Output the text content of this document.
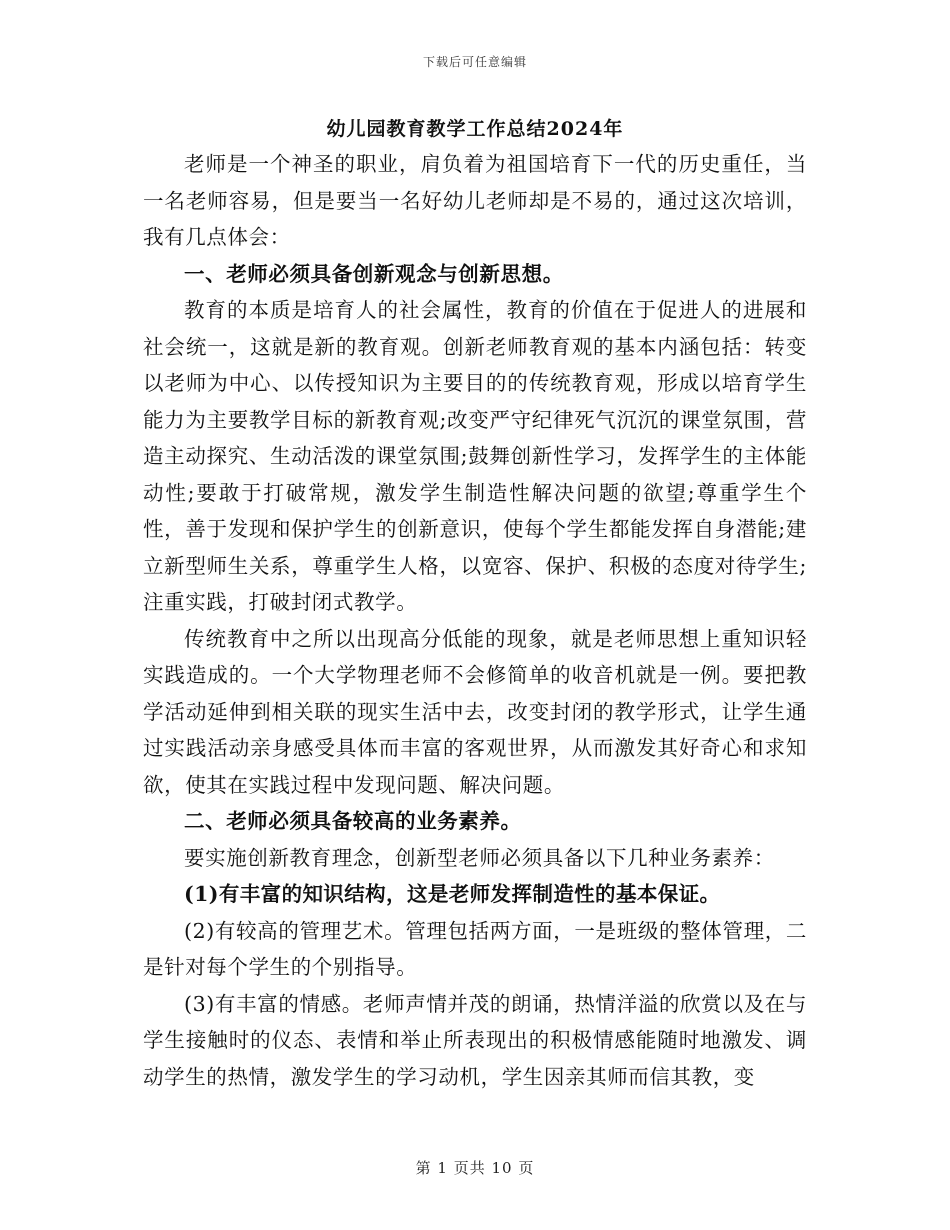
下载后可任意编辑
幼儿园教育教学工作总结2024年

老师是一个神圣的职业，肩负着为祖国培育下一代的历史重任，当一名老师容易，但是要当一名好幼儿老师却是不易的，通过这次培训，我有几点体会：

一、老师必须具备创新观念与创新思想。

教育的本质是培育人的社会属性，教育的价值在于促进人的进展和社会统一，这就是新的教育观。创新老师教育观的基本内涵包括：转变以老师为中心、以传授知识为主要目的的传统教育观，形成以培育学生能力为主要教学目标的新教育观;改变严守纪律死气沉沉的课堂氛围，营造主动探究、生动活泼的课堂氛围;鼓舞创新性学习，发挥学生的主体能动性;要敢于打破常规，激发学生制造性解决问题的欲望;尊重学生个性，善于发现和保护学生的创新意识，使每个学生都能发挥自身潜能;建立新型师生关系，尊重学生人格，以宽容、保护、积极的态度对待学生;注重实践，打破封闭式教学。

传统教育中之所以出现高分低能的现象，就是老师思想上重知识轻实践造成的。一个大学物理老师不会修简单的收音机就是一例。要把教学活动延伸到相关联的现实生活中去，改变封闭的教学形式，让学生通过实践活动亲身感受具体而丰富的客观世界，从而激发其好奇心和求知欲，使其在实践过程中发现问题、解决问题。

二、老师必须具备较高的业务素养。

要实施创新教育理念，创新型老师必须具备以下几种业务素养：

(1)有丰富的知识结构，这是老师发挥制造性的基本保证。

(2)有较高的管理艺术。管理包括两方面，一是班级的整体管理，二是针对每个学生的个别指导。

(3)有丰富的情感。老师声情并茂的朗诵，热情洋溢的欣赏以及在与学生接触时的仪态、表情和举止所表现出的积极情感能随时地激发、调动学生的热情，激发学生的学习动机，学生因亲其师而信其教，变

第 1 页共 10 页
